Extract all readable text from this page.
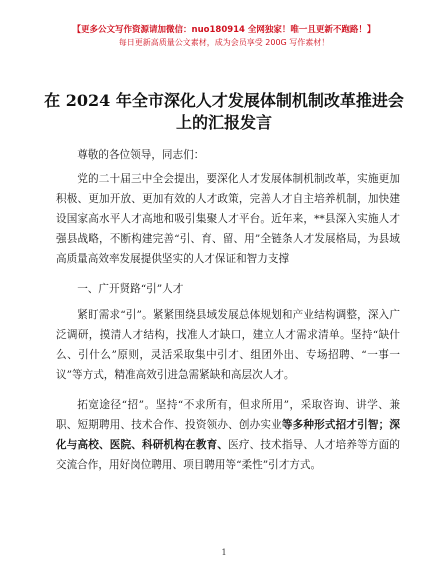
【更多公文写作资源请加微信：nuo180914 全网独家！唯一且更新不跑路！】
每日更新高质量公文素材，成为会员享受 200G 写作素材！
在 2024 年全市深化人才发展体制机制改革推进会上的汇报发言

尊敬的各位领导，同志们：

党的二十届三中全会提出，要深化人才发展体制机制改革，实施更加积极、更加开放、更加有效的人才政策，完善人才自主培养机制，加快建设国家高水平人才高地和吸引集聚人才平台。近年来，**县深入实施人才强县战略，不断构建完善“引、育、留、用”全链条人才发展格局，为县域高质量高效率发展提供坚实的人才保证和智力支撑

一、广开贤路“引”人才

紧盯需求“引”。紧紧围绕县域发展总体规划和产业结构调整，深入广泛调研，摸清人才结构，找准人才缺口，建立人才需求清单。坚持“缺什么、引什么”原则，灵活采取集中引才、组团外出、专场招聘、“一事一议”等方式，精准高效引进急需紧缺和高层次人才。

拓宽途径“招”。坚持“不求所有，但求所用”，采取咨询、讲学、兼职、短期聘用、技术合作、投资领办、创办实业等多种形式招才引智；深化与高校、医院、科研机构在教育、医疗、技术指导、人才培养等方面的交流合作，用好岗位聘用、项目聘用等“柔性”引才方式。

1
